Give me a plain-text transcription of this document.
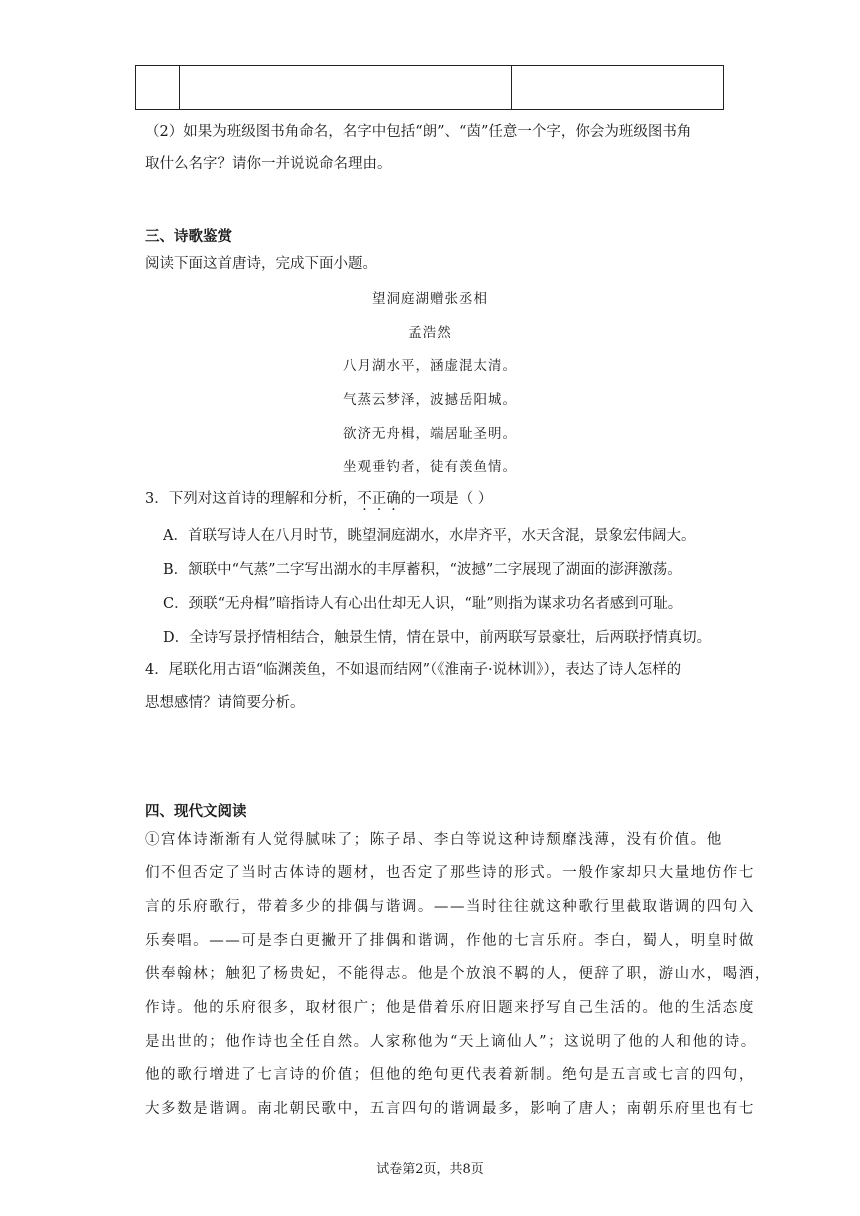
（2）如果为班级图书角命名，名字中包括“朗”、“茵”任意一个字，你会为班级图书角
取什么名字？请你一并说说命名理由。
三、诗歌鉴赏
阅读下面这首唐诗，完成下面小题。
望洞庭湖赠张丞相
孟浩然
八月湖水平，涵虚混太清。
气蒸云梦泽，波撼岳阳城。
欲济无舟楫，端居耻圣明。
坐观垂钓者，徒有羡鱼情。
3．下列对这首诗的理解和分析，不正确的一项是（ ）
A．首联写诗人在八月时节，眺望洞庭湖水，水岸齐平，水天含混，景象宏伟阔大。
B．颔联中“气蒸”二字写出湖水的丰厚蓄积，“波撼”二字展现了湖面的澎湃激荡。
C．颈联“无舟楫”暗指诗人有心出仕却无人识，“耻”则指为谋求功名者感到可耻。
D．全诗写景抒情相结合，触景生情，情在景中，前两联写景豪壮，后两联抒情真切。
4．尾联化用古语“临渊羡鱼，不如退而结网”（《淮南子·说林训》），表达了诗人怎样的
思想感情？请简要分析。
四、现代文阅读
①宫体诗渐渐有人觉得腻味了；陈子昂、李白等说这种诗颓靡浅薄，没有价值。他
们不但否定了当时古体诗的题材，也否定了那些诗的形式。一般作家却只大量地仿作七
言的乐府歌行，带着多少的排偶与谐调。——当时往往就这种歌行里截取谐调的四句入
乐奏唱。——可是李白更撇开了排偶和谐调，作他的七言乐府。李白，蜀人，明皇时做
供奉翰林；触犯了杨贵妃，不能得志。他是个放浪不羁的人，便辞了职，游山水，喝酒，
作诗。他的乐府很多，取材很广；他是借着乐府旧题来抒写自己生活的。他的生活态度
是出世的；他作诗也全任自然。人家称他为“天上谪仙人”；这说明了他的人和他的诗。
他的歌行增进了七言诗的价值；但他的绝句更代表着新制。绝句是五言或七言的四句，
大多数是谐调。南北朝民歌中，五言四句的谐调最多，影响了唐人；南朝乐府里也有七
试卷第2页，共8页
